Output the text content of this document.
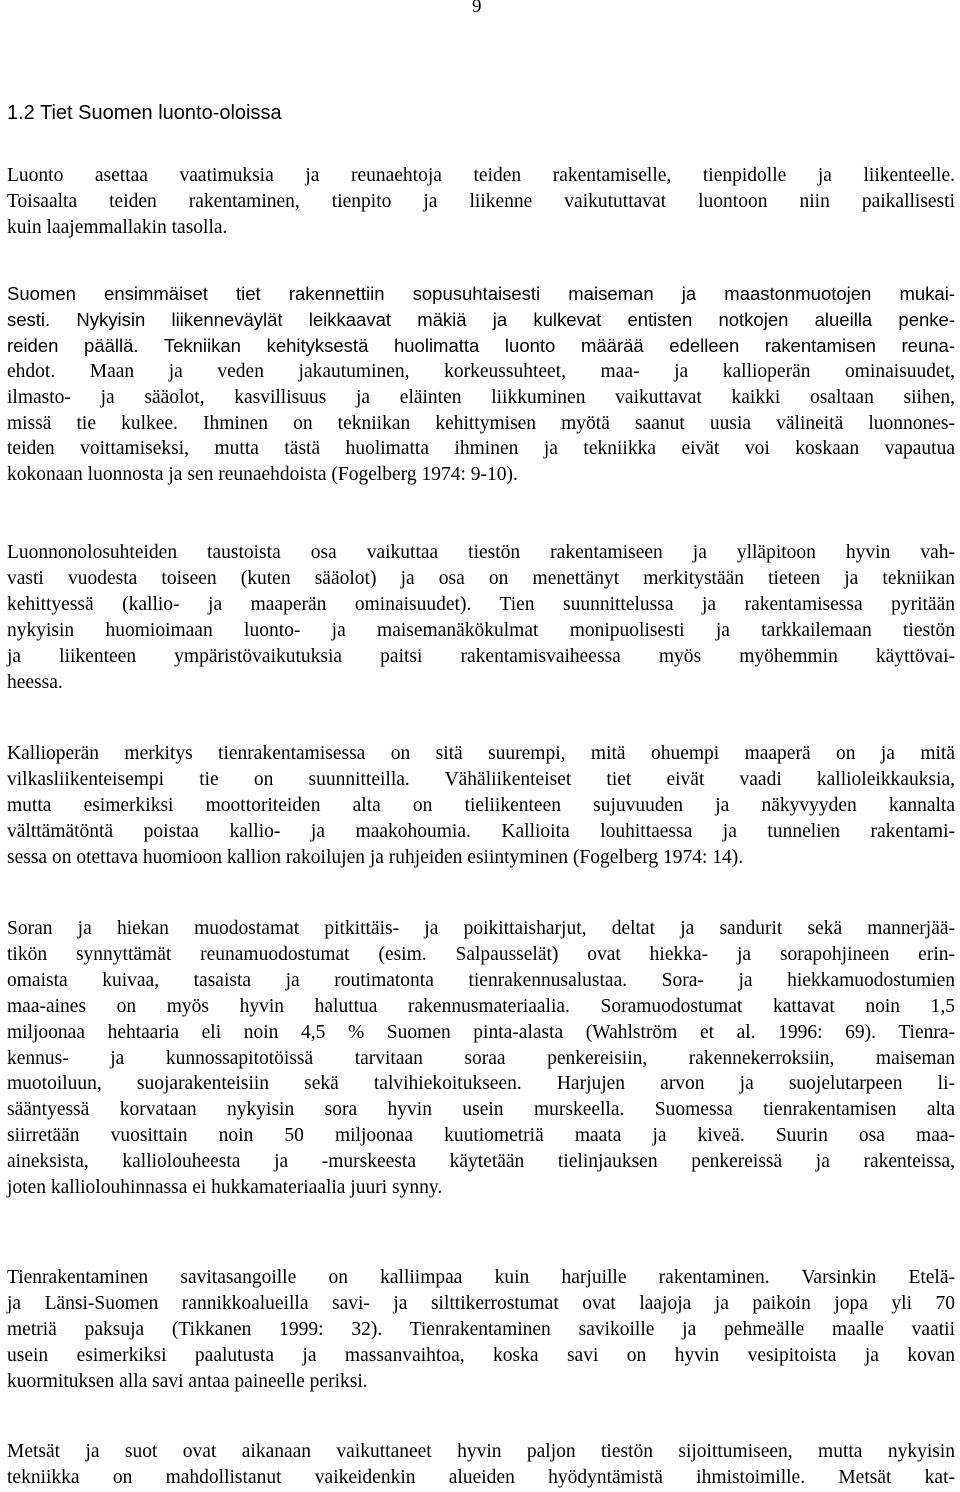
9
1.2 Tiet Suomen luonto-oloissa

Luonto asettaa vaatimuksia ja reunaehtoja teiden rakentamiselle, tienpidolle ja liikenteelle.
Toisaalta teiden rakentaminen, tienpito ja liikenne vaikututtavat luontoon niin paikallisesti
kuin laajemmallakin tasolla.

Suomen ensimmäiset tiet rakennettiin sopusuhtaisesti maiseman ja maastonmuotojen mukai-
sesti. Nykyisin liikenneväylät leikkaavat mäkiä ja kulkevat entisten notkojen alueilla penke-
reiden päällä. Tekniikan kehityksestä huolimatta luonto määrää edelleen rakentamisen reuna-
ehdot. Maan ja veden jakautuminen, korkeussuhteet, maa- ja kallioperän ominaisuudet,
ilmasto- ja sääolot, kasvillisuus ja eläinten liikkuminen vaikuttavat kaikki osaltaan siihen,
missä tie kulkee. Ihminen on tekniikan kehittymisen myötä saanut uusia välineitä luonnones-
teiden voittamiseksi, mutta tästä huolimatta ihminen ja tekniikka eivät voi koskaan vapautua
kokonaan luonnosta ja sen reunaehdoista (Fogelberg 1974: 9-10).

Luonnonolosuhteiden taustoista osa vaikuttaa tiestön rakentamiseen ja ylläpitoon hyvin vah-
vasti vuodesta toiseen (kuten sääolot) ja osa on menettänyt merkitystään tieteen ja tekniikan
kehittyessä (kallio- ja maaperän ominaisuudet). Tien suunnittelussa ja rakentamisessa pyritään
nykyisin huomioimaan luonto- ja maisemanäkökulmat monipuolisesti ja tarkkailemaan tiestön
ja liikenteen ympäristövaikutuksia paitsi rakentamisvaiheessa myös myöhemmin käyttövai-
heessa.

Kallioperän merkitys tienrakentamisessa on sitä suurempi, mitä ohuempi maaperä on ja mitä
vilkasliikenteisempi tie on suunnitteilla. Vähäliikenteiset tiet eivät vaadi kallioleikkauksia,
mutta esimerkiksi moottoriteiden alta on tieliikenteen sujuvuuden ja näkyvyyden kannalta
välttämätöntä poistaa kallio- ja maakohoumia. Kallioita louhittaessa ja tunnelien rakentami-
sessa on otettava huomioon kallion rakoilujen ja ruhjeiden esiintyminen (Fogelberg 1974: 14).

Soran ja hiekan muodostamat pitkittäis- ja poikittaisharjut, deltat ja sandurit sekä mannerjää-
tikön synnyttämät reunamuodostumat (esim. Salpausselät) ovat hiekka- ja sorapohjineen erin-
omaista kuivaa, tasaista ja routimatonta tienrakennusalustaa. Sora- ja hiekkamuodostumien
maa-aines on myös hyvin haluttua rakennusmateriaalia. Soramuodostumat kattavat noin 1,5
miljoonaa hehtaaria eli noin 4,5 % Suomen pinta-alasta (Wahlström et al. 1996: 69). Tienra-
kennus- ja kunnossapitotöissä tarvitaan soraa penkereisiin, rakennekerroksiin, maiseman
muotoiluun, suojarakenteisiin sekä talvihiekoitukseen. Harjujen arvon ja suojelutarpeen li-
sääntyessä korvataan nykyisin sora hyvin usein murskeella. Suomessa tienrakentamisen alta
siirretään vuosittain noin 50 miljoonaa kuutiometriä maata ja kiveä. Suurin osa maa-
aineksista, kalliolouheesta ja -murskeesta käytetään tielinjauksen penkereissä ja rakenteissa,
joten kalliolouhinnassa ei hukkamateriaalia juuri synny.

Tienrakentaminen savitasangoille on kalliimpaa kuin harjuille rakentaminen. Varsinkin Etelä-
ja Länsi-Suomen rannikkoalueilla savi- ja silttikerrostumat ovat laajoja ja paikoin jopa yli 70
metriä paksuja (Tikkanen 1999: 32). Tienrakentaminen savikoille ja pehmeälle maalle vaatii
usein esimerkiksi paalutusta ja massanvaihtoa, koska savi on hyvin vesipitoista ja kovan
kuormituksen alla savi antaa paineelle periksi.

Metsät ja suot ovat aikanaan vaikuttaneet hyvin paljon tiestön sijoittumiseen, mutta nykyisin
tekniikka on mahdollistanut vaikeidenkin alueiden hyödyntämistä ihmistoimille. Metsät kat-
